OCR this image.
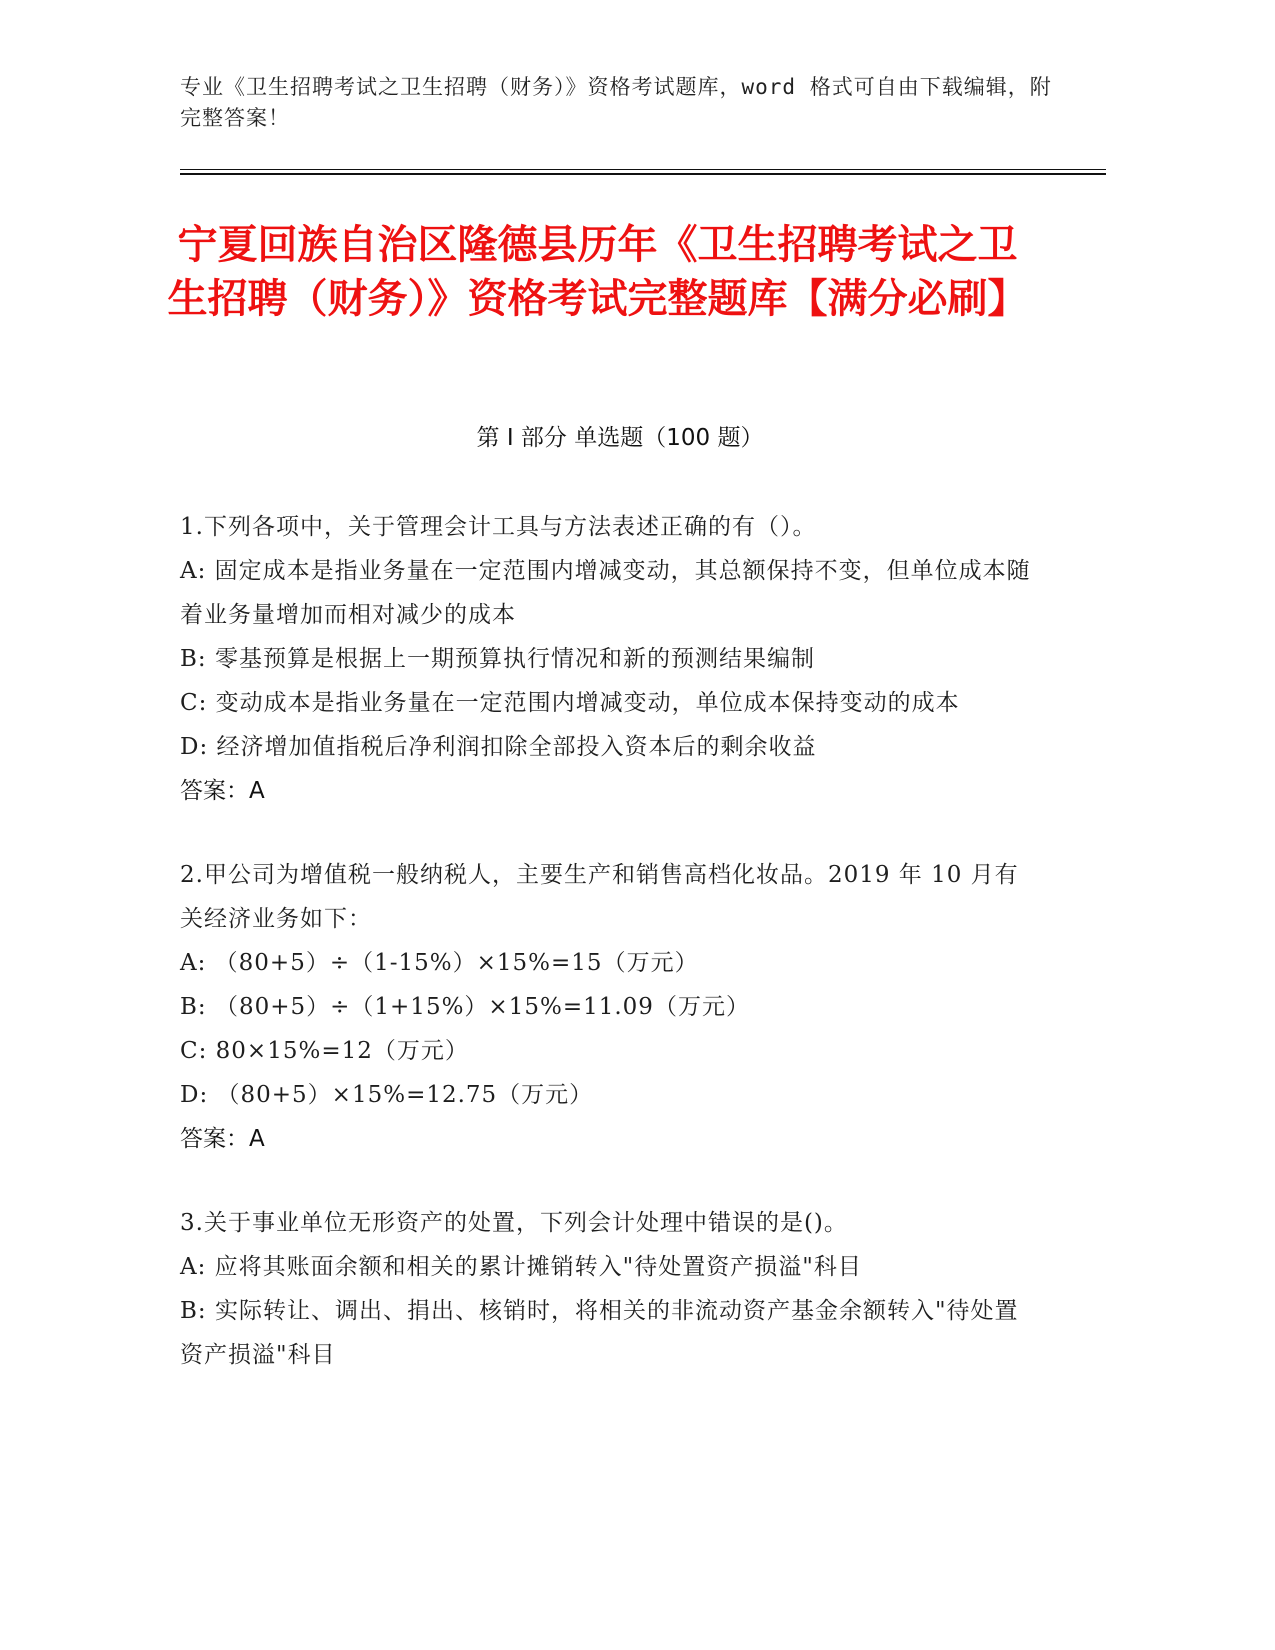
专业《卫生招聘考试之卫生招聘（财务）》资格考试题库，word 格式可自由下载编辑，附完整答案！
宁夏回族自治区隆德县历年《卫生招聘考试之卫生招聘（财务）》资格考试完整题库【满分必刷】
第 I 部分 单选题（100 题）

1.下列各项中，关于管理会计工具与方法表述正确的有（）。

A: 固定成本是指业务量在一定范围内增减变动，其总额保持不变，但单位成本随着业务量增加而相对减少的成本

B: 零基预算是根据上一期预算执行情况和新的预测结果编制

C: 变动成本是指业务量在一定范围内增减变动，单位成本保持变动的成本

D: 经济增加值指税后净利润扣除全部投入资本后的剩余收益

答案：A

2.甲公司为增值税一般纳税人，主要生产和销售高档化妆品。2019 年 10 月有关经济业务如下：

A: （80+5）÷（1-15%）×15%=15（万元）

B: （80+5）÷（1+15%）×15%=11.09（万元）

C: 80×15%=12（万元）

D: （80+5）×15%=12.75（万元）

答案：A

3.关于事业单位无形资产的处置，下列会计处理中错误的是()。

A: 应将其账面余额和相关的累计摊销转入"待处置资产损溢"科目

B: 实际转让、调出、捐出、核销时，将相关的非流动资产基金余额转入"待处置资产损溢"科目
